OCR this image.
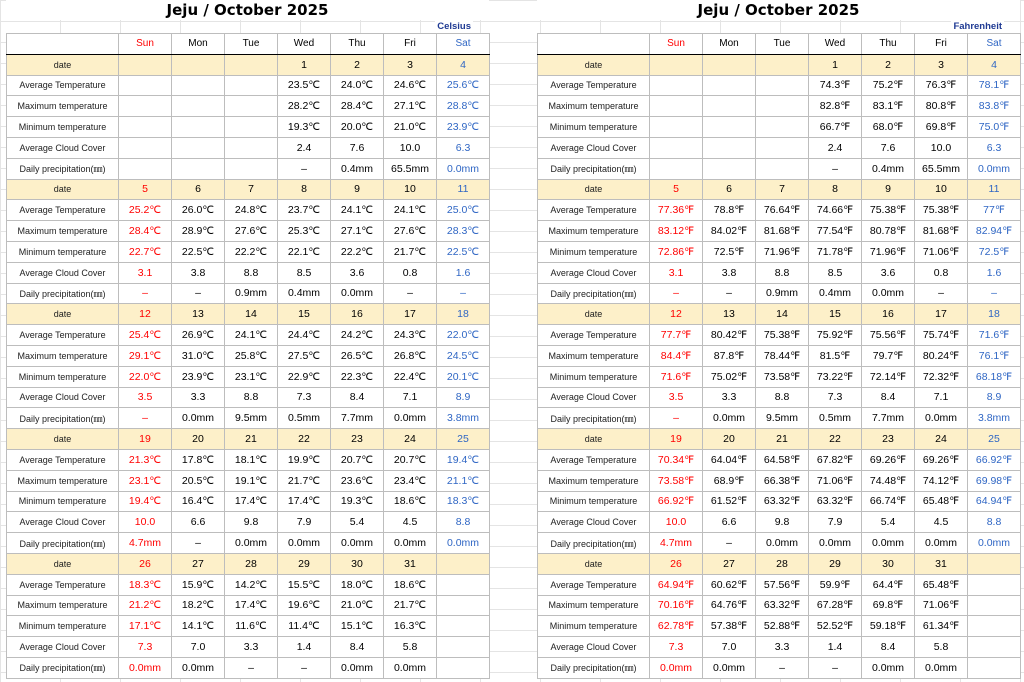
Jeju / October 2025
Celsius
	Sun	Mon	Tue	Wed	Thu	Fri	Sat
date				1	2	3	4
Average Temperature				23.5℃	24.0℃	24.6℃	25.6℃
Maximum temperature				28.2℃	28.4℃	27.1℃	28.8℃
Minimum temperature				19.3℃	20.0℃	21.0℃	23.9℃
Average Cloud Cover				2.4	7.6	10.0	6.3
Daily precipitation(㎜)				–	0.4mm	65.5mm	0.0mm
date	5	6	7	8	9	10	11
Average Temperature	25.2℃	26.0℃	24.8℃	23.7℃	24.1℃	24.1℃	25.0℃
Maximum temperature	28.4℃	28.9℃	27.6℃	25.3℃	27.1℃	27.6℃	28.3℃
Minimum temperature	22.7℃	22.5℃	22.2℃	22.1℃	22.2℃	21.7℃	22.5℃
Average Cloud Cover	3.1	3.8	8.8	8.5	3.6	0.8	1.6
Daily precipitation(㎜)	–	–	0.9mm	0.4mm	0.0mm	–	–
date	12	13	14	15	16	17	18
Average Temperature	25.4℃	26.9℃	24.1℃	24.4℃	24.2℃	24.3℃	22.0℃
Maximum temperature	29.1℃	31.0℃	25.8℃	27.5℃	26.5℃	26.8℃	24.5℃
Minimum temperature	22.0℃	23.9℃	23.1℃	22.9℃	22.3℃	22.4℃	20.1℃
Average Cloud Cover	3.5	3.3	8.8	7.3	8.4	7.1	8.9
Daily precipitation(㎜)	–	0.0mm	9.5mm	0.5mm	7.7mm	0.0mm	3.8mm
date	19	20	21	22	23	24	25
Average Temperature	21.3℃	17.8℃	18.1℃	19.9℃	20.7℃	20.7℃	19.4℃
Maximum temperature	23.1℃	20.5℃	19.1℃	21.7℃	23.6℃	23.4℃	21.1℃
Minimum temperature	19.4℃	16.4℃	17.4℃	17.4℃	19.3℃	18.6℃	18.3℃
Average Cloud Cover	10.0	6.6	9.8	7.9	5.4	4.5	8.8
Daily precipitation(㎜)	4.7mm	–	0.0mm	0.0mm	0.0mm	0.0mm	0.0mm
date	26	27	28	29	30	31	
Average Temperature	18.3℃	15.9℃	14.2℃	15.5℃	18.0℃	18.6℃	
Maximum temperature	21.2℃	18.2℃	17.4℃	19.6℃	21.0℃	21.7℃	
Minimum temperature	17.1℃	14.1℃	11.6℃	11.4℃	15.1℃	16.3℃	
Average Cloud Cover	7.3	7.0	3.3	1.4	8.4	5.8	
Daily precipitation(㎜)	0.0mm	0.0mm	–	–	0.0mm	0.0mm	
Jeju / October 2025
Fahrenheit
	Sun	Mon	Tue	Wed	Thu	Fri	Sat
date				1	2	3	4
Average Temperature				74.3℉	75.2℉	76.3℉	78.1℉
Maximum temperature				82.8℉	83.1℉	80.8℉	83.8℉
Minimum temperature				66.7℉	68.0℉	69.8℉	75.0℉
Average Cloud Cover				2.4	7.6	10.0	6.3
Daily precipitation(㎜)				–	0.4mm	65.5mm	0.0mm
date	5	6	7	8	9	10	11
Average Temperature	77.36℉	78.8℉	76.64℉	74.66℉	75.38℉	75.38℉	77℉
Maximum temperature	83.12℉	84.02℉	81.68℉	77.54℉	80.78℉	81.68℉	82.94℉
Minimum temperature	72.86℉	72.5℉	71.96℉	71.78℉	71.96℉	71.06℉	72.5℉
Average Cloud Cover	3.1	3.8	8.8	8.5	3.6	0.8	1.6
Daily precipitation(㎜)	–	–	0.9mm	0.4mm	0.0mm	–	–
date	12	13	14	15	16	17	18
Average Temperature	77.7℉	80.42℉	75.38℉	75.92℉	75.56℉	75.74℉	71.6℉
Maximum temperature	84.4℉	87.8℉	78.44℉	81.5℉	79.7℉	80.24℉	76.1℉
Minimum temperature	71.6℉	75.02℉	73.58℉	73.22℉	72.14℉	72.32℉	68.18℉
Average Cloud Cover	3.5	3.3	8.8	7.3	8.4	7.1	8.9
Daily precipitation(㎜)	–	0.0mm	9.5mm	0.5mm	7.7mm	0.0mm	3.8mm
date	19	20	21	22	23	24	25
Average Temperature	70.34℉	64.04℉	64.58℉	67.82℉	69.26℉	69.26℉	66.92℉
Maximum temperature	73.58℉	68.9℉	66.38℉	71.06℉	74.48℉	74.12℉	69.98℉
Minimum temperature	66.92℉	61.52℉	63.32℉	63.32℉	66.74℉	65.48℉	64.94℉
Average Cloud Cover	10.0	6.6	9.8	7.9	5.4	4.5	8.8
Daily precipitation(㎜)	4.7mm	–	0.0mm	0.0mm	0.0mm	0.0mm	0.0mm
date	26	27	28	29	30	31	
Average Temperature	64.94℉	60.62℉	57.56℉	59.9℉	64.4℉	65.48℉	
Maximum temperature	70.16℉	64.76℉	63.32℉	67.28℉	69.8℉	71.06℉	
Minimum temperature	62.78℉	57.38℉	52.88℉	52.52℉	59.18℉	61.34℉	
Average Cloud Cover	7.3	7.0	3.3	1.4	8.4	5.8	
Daily precipitation(㎜)	0.0mm	0.0mm	–	–	0.0mm	0.0mm	
